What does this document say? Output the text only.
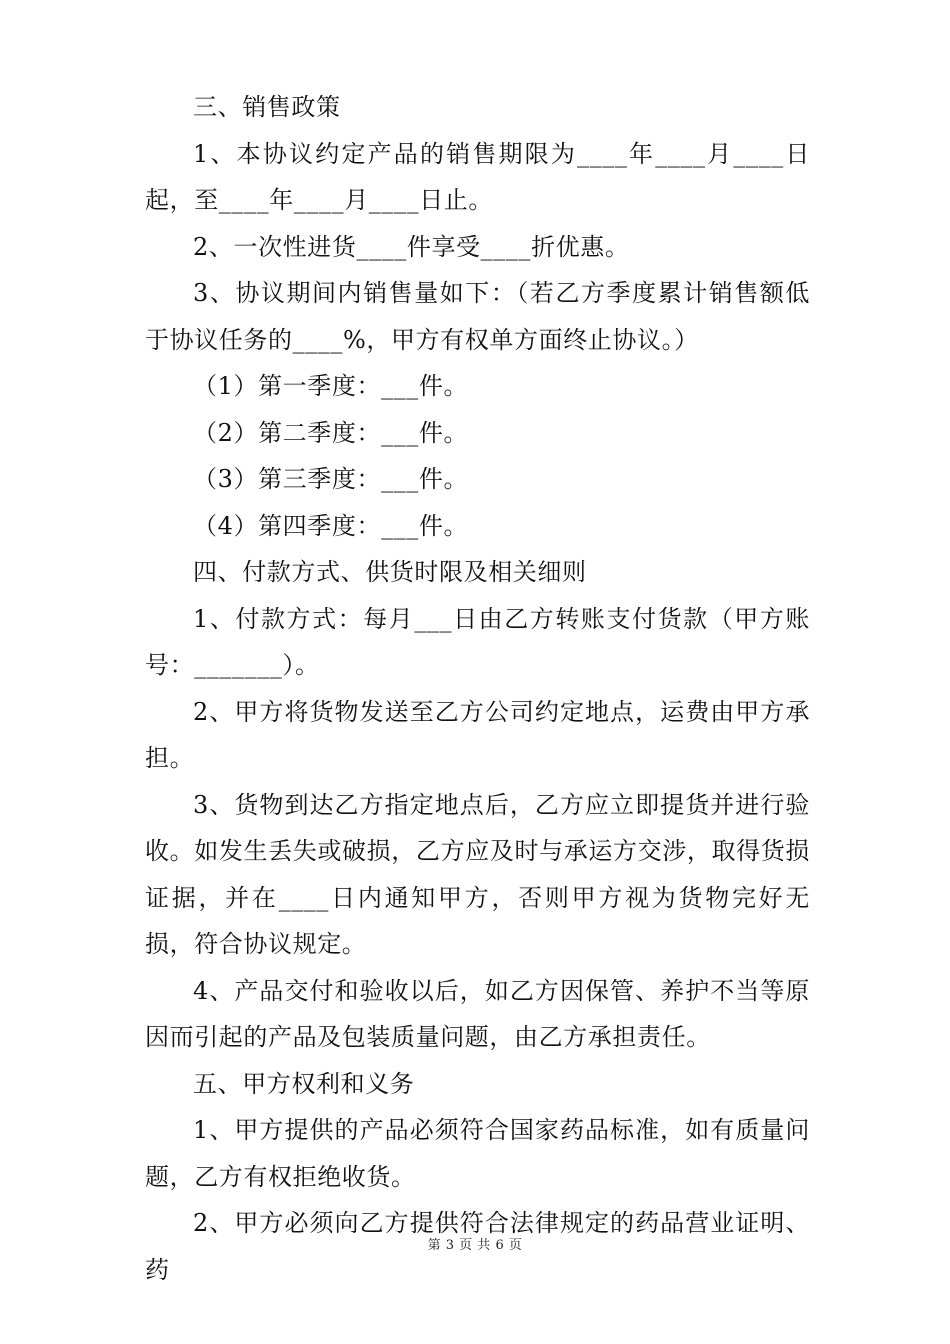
三、销售政策

1、本协议约定产品的销售期限为____年____月____日起，至____年____月____日止。

2、一次性进货____件享受____折优惠。

3、协议期间内销售量如下：（若乙方季度累计销售额低于协议任务的____%，甲方有权单方面终止协议。）

（1）第一季度：___件。

（2）第二季度：___件。

（3）第三季度：___件。

（4）第四季度：___件。

四、付款方式、供货时限及相关细则

1、付款方式：每月___日由乙方转账支付货款（甲方账号：_______）。

2、甲方将货物发送至乙方公司约定地点，运费由甲方承担。

3、货物到达乙方指定地点后，乙方应立即提货并进行验收。如发生丢失或破损，乙方应及时与承运方交涉，取得货损证据，并在____日内通知甲方，否则甲方视为货物完好无损，符合协议规定。

4、产品交付和验收以后，如乙方因保管、养护不当等原因而引起的产品及包装质量问题，由乙方承担责任。

五、甲方权利和义务

1、甲方提供的产品必须符合国家药品标准，如有质量问题，乙方有权拒绝收货。

2、甲方必须向乙方提供符合法律规定的药品营业证明、药

第 3 页 共 6 页
